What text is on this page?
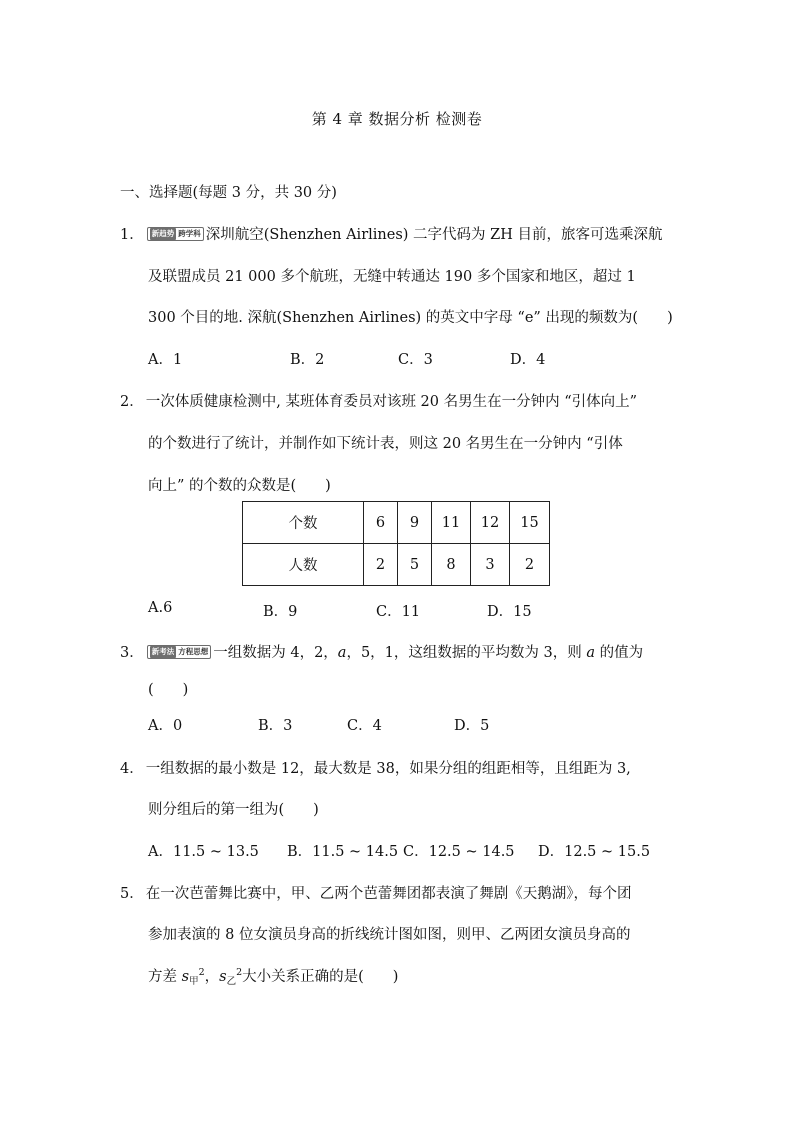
第 4 章 数据分析 检测卷
一、选择题(每题 3 分，共 30 分)
1． 新趋势 跨学科 深圳航空(Shenzhen Airlines) 二字代码为 ZH 目前，旅客可选乘深航
及联盟成员 21 000 多个航班，无缝中转通达 190 多个国家和地区，超过 1
300 个目的地. 深航(Shenzhen Airlines) 的英文中字母 “e” 出现的频数为(　　)
A．1	B．2	C．3	D．4
2． 一次体质健康检测中, 某班体育委员对该班 20 名男生在一分钟内 “引体向上”
的个数进行了统计，并制作如下统计表，则这 20 名男生在一分钟内 “引体
向上” 的个数的众数是(　　)
个数	6	9	11	12	15
人数	2	5	8	3	2
A.6	B．9	C．11	D．15
3． 新考法 方程思想 一组数据为 4，2，a，5，1，这组数据的平均数为 3，则 a 的值为
(　　)
A．0	B．3	C．4	D．5
4． 一组数据的最小数是 12，最大数是 38，如果分组的组距相等，且组距为 3,
则分组后的第一组为(　　)
A．11.5 ~ 13.5 B．11.5 ~ 14.5 C．12.5 ~ 14.5 D．12.5 ~ 15.5
5． 在一次芭蕾舞比赛中，甲、乙两个芭蕾舞团都表演了舞剧《天鹅湖》，每个团
参加表演的 8 位女演员身高的折线统计图如图，则甲、乙两团女演员身高的
方差 $s_甲^2$，$s_乙^2$大小关系正确的是(　　)
